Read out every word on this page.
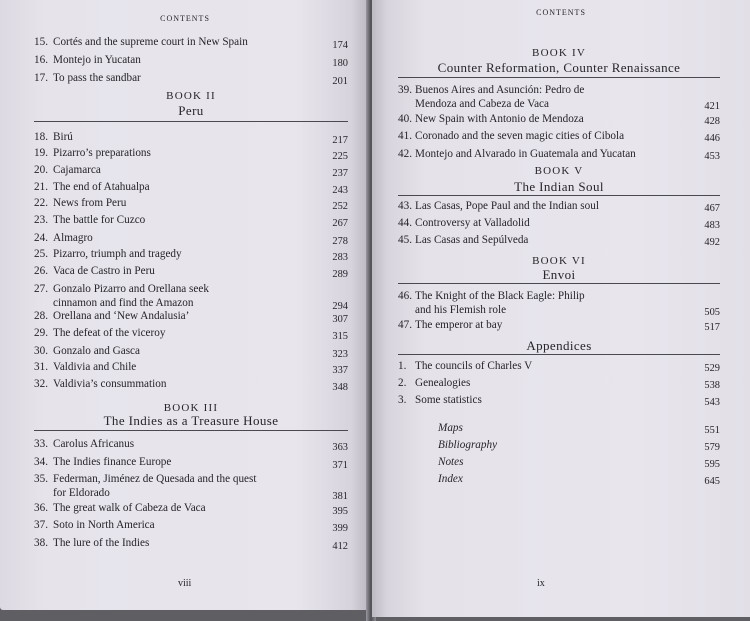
CONTENTS
15. Cortés and the supreme court in New Spain	174
16. Montejo in Yucatan	180
17. To pass the sandbar	201
BOOK II
Peru
18. Birú	217
19. Pizarro’s preparations	225
20. Cajamarca	237
21. The end of Atahualpa	243
22. News from Peru	252
23. The battle for Cuzco	267
24. Almagro	278
25. Pizarro, triumph and tragedy	283
26. Vaca de Castro in Peru	289
27. Gonzalo Pizarro and Orellana seek
cinnamon and find the Amazon	294
28. Orellana and ‘New Andalusia’	307
29. The defeat of the viceroy	315
30. Gonzalo and Gasca	323
31. Valdivia and Chile	337
32. Valdivia’s consummation	348
BOOK III
The Indies as a Treasure House
33. Carolus Africanus	363
34. The Indies finance Europe	371
35. Federman, Jiménez de Quesada and the quest
for Eldorado	381
36. The great walk of Cabeza de Vaca	395
37. Soto in North America	399
38. The lure of the Indies	412
viii
CONTENTS
BOOK IV
Counter Reformation, Counter Renaissance
39. Buenos Aires and Asunción: Pedro de
Mendoza and Cabeza de Vaca	421
40. New Spain with Antonio de Mendoza	428
41. Coronado and the seven magic cities of Cibola	446
42. Montejo and Alvarado in Guatemala and Yucatan	453
BOOK V
The Indian Soul
43. Las Casas, Pope Paul and the Indian soul	467
44. Controversy at Valladolid	483
45. Las Casas and Sepúlveda	492
BOOK VI
Envoi
46. The Knight of the Black Eagle: Philip
and his Flemish role	505
47. The emperor at bay	517
Appendices
1. The councils of Charles V	529
2. Genealogies	538
3. Some statistics	543
Maps	551
Bibliography	579
Notes	595
Index	645
ix
